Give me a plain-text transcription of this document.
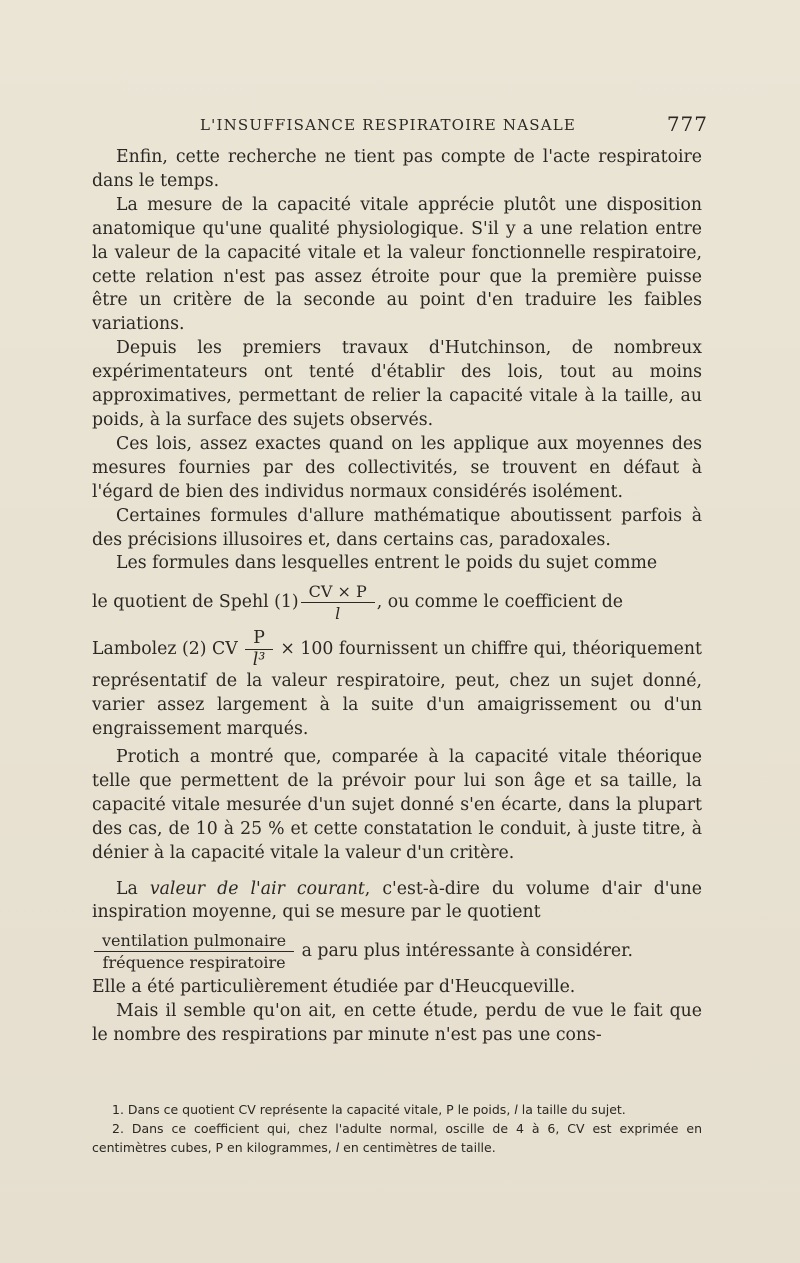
L'INSUFFISANCE RESPIRATOIRE NASALE	777

Enfin, cette recherche ne tient pas compte de l'acte respiratoire dans le temps.

La mesure de la capacité vitale apprécie plutôt une disposition anatomique qu'une qualité physiologique. S'il y a une relation entre la valeur de la capacité vitale et la valeur fonctionnelle respiratoire, cette relation n'est pas assez étroite pour que la première puisse être un critère de la seconde au point d'en traduire les faibles variations.

Depuis les premiers travaux d'Hutchinson, de nombreux expérimentateurs ont tenté d'établir des lois, tout au moins approximatives, permettant de relier la capacité vitale à la taille, au poids, à la surface des sujets observés.

Ces lois, assez exactes quand on les applique aux moyennes des mesures fournies par des collectivités, se trouvent en défaut à l'égard de bien des individus normaux considérés isolément.

Certaines formules d'allure mathématique aboutissent parfois à des précisions illusoires et, dans certains cas, paradoxales.

Les formules dans lesquelles entrent le poids du sujet comme

le quotient de Spehl $(1) \frac{CV \times P}{l}$ , ou comme le coefficient de

Lambolez (2) CV $\frac{P}{\text{l³}} \times 100$ fournissent un chiffre qui, théoriquement représentatif de la valeur respiratoire, peut, chez un sujet donné, varier assez largement à la suite d'un amaigrissement ou d'un engraissement marqués.

Protich a montré que, comparée à la capacité vitale théorique telle que permettent de la prévoir pour lui son âge et sa taille, la capacité vitale mesurée d'un sujet donné s'en écarte, dans la plupart des cas, de 10 à 25 % et cette constatation le conduit, à juste titre, à dénier à la capacité vitale la valeur d'un critère.

La valeur de l'air courant, c'est-à-dire du volume d'air d'une inspiration moyenne, qui se mesure par le quotient

$\frac{\text{ventilation pulmonaire}}{\text{fréquence respiratoire}}$ a paru plus intéressante à considérer.

Elle a été particulièrement étudiée par d'Heucqueville.

Mais il semble qu'on ait, en cette étude, perdu de vue le fait que le nombre des respirations par minute n'est pas une cons-

1. Dans ce quotient CV représente la capacité vitale, P le poids, l la taille du sujet.

2. Dans ce coefficient qui, chez l'adulte normal, oscille de 4 à 6, CV est exprimée en centimètres cubes, P en kilogrammes, l en centimètres de taille.
